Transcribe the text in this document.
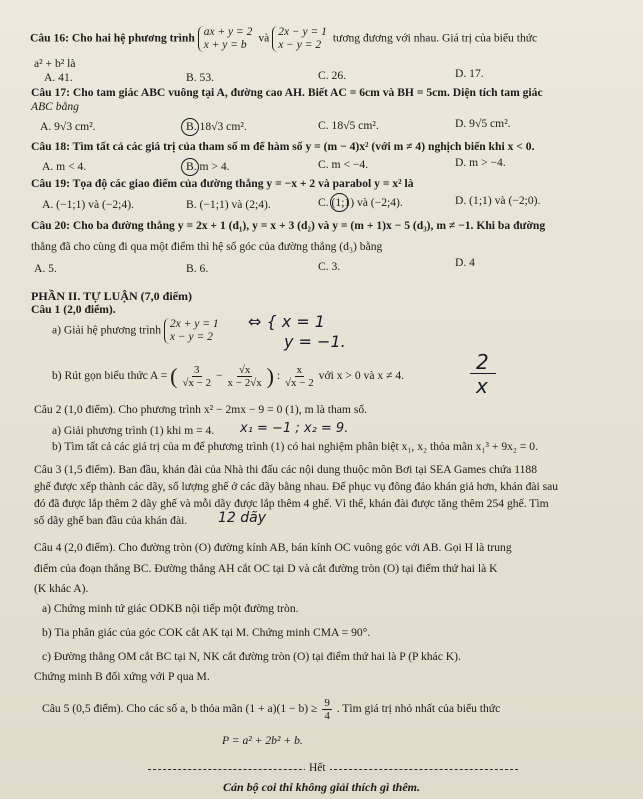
Câu 16: Cho hai hệ phương trình ax + y = 2
x + y = b
và 2x − y = 1
x − y = 2
tương đương với nhau. Giá trị của biểu thức
a² + b² là
A. 41.	B. 53.	C. 26.	D. 17.
Câu 17: Cho tam giác ABC vuông tại A, đường cao AH. Biết AC = 6cm và BH = 5cm. Diện tích tam giác
ABC bằng
A. 9√3 cm².	B. 18√3 cm².	C. 18√5 cm².	D. 9√5 cm².
Câu 18: Tìm tất cả các giá trị của tham số m để hàm số y = (m − 4)x² (với m ≠ 4) nghịch biến khi x < 0.
A. m < 4.	B. m > 4.	C. m < −4.	D. m > −4.
Câu 19: Tọa độ các giao điểm của đường thẳng y = −x + 2 và parabol y = x² là
A. (−1;1) và (−2;4).	B. (−1;1) và (2;4).	C. (1;1) và (−2;4).	D. (1;1) và (−2;0).
Câu 20: Cho ba đường thẳng y = 2x + 1 (d₁), y = x + 3 (d₂) và y = (m + 1)x − 5 (d₃), m ≠ −1. Khi ba đường
thẳng đã cho cùng đi qua một điểm thì hệ số góc của đường thẳng (d₃) bằng
A. 5.	B. 6.	C. 3.	D. 4
PHẦN II. TỰ LUẬN (7,0 điểm)
Câu 1 (2,0 điểm).
a) Giải hệ phương trình 2x + y = 1
x − y = 2
⇔ { x = 1
y = −1.
b) Rút gọn biểu thức A = ( $\frac{3}{√x - 2} - \frac{√x}{x - 2√x}$ ) : $\frac{x}{√x - 2}$ với x > 0 và x ≠ 4.
2
x
Câu 2 (1,0 điểm). Cho phương trình x² − 2mx − 9 = 0 (1), m là tham số.
a) Giải phương trình (1) khi m = 4.	x₁ = −1 ; x₂ = 9.
b) Tìm tất cả các giá trị của m để phương trình (1) có hai nghiệm phân biệt x₁, x₂ thỏa mãn x₁³ + 9x₂ = 0.
Câu 3 (1,5 điểm). Ban đầu, khán đài của Nhà thi đấu các nội dung thuộc môn Bơi tại SEA Games chứa 1188
ghế được xếp thành các dãy, số lượng ghế ở các dãy bằng nhau. Để phục vụ đông đảo khán giả hơn, khán đài sau
đó đã được lắp thêm 2 dãy ghế và mỗi dãy được lắp thêm 4 ghế. Vì thế, khán đài được tăng thêm 254 ghế. Tìm
số dãy ghế ban đầu của khán đài.	12 dãy
Câu 4 (2,0 điểm). Cho đường tròn (O) đường kính AB, bán kính OC vuông góc với AB. Gọi H là trung
điểm của đoạn thẳng BC. Đường thẳng AH cắt OC tại D và cắt đường tròn (O) tại điểm thứ hai là K
(K khác A).
a) Chứng minh tứ giác ODKB nội tiếp một đường tròn.
b) Tia phân giác của góc COK cắt AK tại M. Chứng minh CMA = 90°.
c) Đường thẳng OM cắt BC tại N, NK cắt đường tròn (O) tại điểm thứ hai là P (P khác K).
Chứng minh B đối xứng với P qua M.
Câu 5 (0,5 điểm). Cho các số a, b thỏa mãn $(1 + a)(1 - b) \ge \frac{9}{4}$ . Tìm giá trị nhỏ nhất của biểu thức
P = a² + 2b² + b.
Hết
Cán bộ coi thi không giải thích gì thêm.
